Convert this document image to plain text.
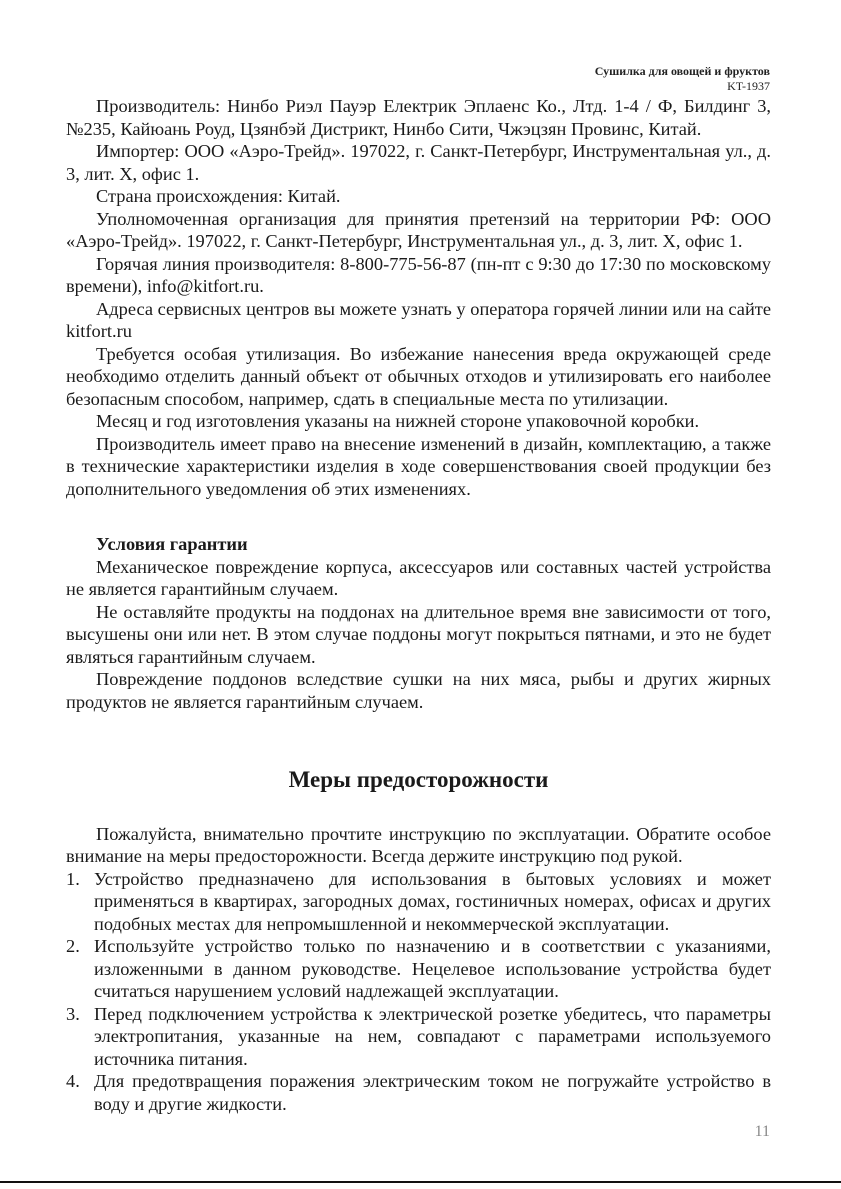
Сушилка для овощей и фруктов
KT-1937

Производитель: Нинбо Риэл Пауэр Електрик Эплаенс Ко., Лтд. 1-4 / Ф, Билдинг 3, №235, Кайюань Роуд, Цзянбэй Дистрикт, Нинбо Сити, Чжэцзян Провинс, Китай.

Импортер: ООО «Аэро-Трейд». 197022, г. Санкт-Петербург, Инструментальная ул., д. 3, лит. Х, офис 1.

Страна происхождения: Китай.

Уполномоченная организация для принятия претензий на территории РФ: ООО «Аэро-Трейд». 197022, г. Санкт-Петербург, Инструментальная ул., д. 3, лит. Х, офис 1.

Горячая линия производителя: 8-800-775-56-87 (пн-пт с 9:30 до 17:30 по московскому времени), info@kitfort.ru.

Адреса сервисных центров вы можете узнать у оператора горячей линии или на сайте kitfort.ru

Требуется особая утилизация. Во избежание нанесения вреда окружающей среде необходимо отделить данный объект от обычных отходов и утилизировать его наиболее безопасным способом, например, сдать в специальные места по утилизации.

Месяц и год изготовления указаны на нижней стороне упаковочной коробки.

Производитель имеет право на внесение изменений в дизайн, комплектацию, а также в технические характеристики изделия в ходе совершенствования своей продукции без дополнительного уведомления об этих изменениях.

Условия гарантии

Механическое повреждение корпуса, аксессуаров или составных частей устройства не является гарантийным случаем.

Не оставляйте продукты на поддонах на длительное время вне зависимости от того, высушены они или нет. В этом случае поддоны могут покрыться пятнами, и это не будет являться гарантийным случаем.

Повреждение поддонов вследствие сушки на них мяса, рыбы и других жирных продуктов не является гарантийным случаем.

Меры предосторожности

Пожалуйста, внимательно прочтите инструкцию по эксплуатации. Обратите особое внимание на меры предосторожности. Всегда держите инструкцию под рукой.

1. Устройство предназначено для использования в бытовых условиях и может применяться в квартирах, загородных домах, гостиничных номерах, офисах и других подобных местах для непромышленной и некоммерческой эксплуатации.
2. Используйте устройство только по назначению и в соответствии с указаниями, изложенными в данном руководстве. Нецелевое использование устройства будет считаться нарушением условий надлежащей эксплуатации.
3. Перед подключением устройства к электрической розетке убедитесь, что параметры электропитания, указанные на нем, совпадают с параметрами используемого источника питания.
4. Для предотвращения поражения электрическим током не погружайте устройство в воду и другие жидкости.
11
